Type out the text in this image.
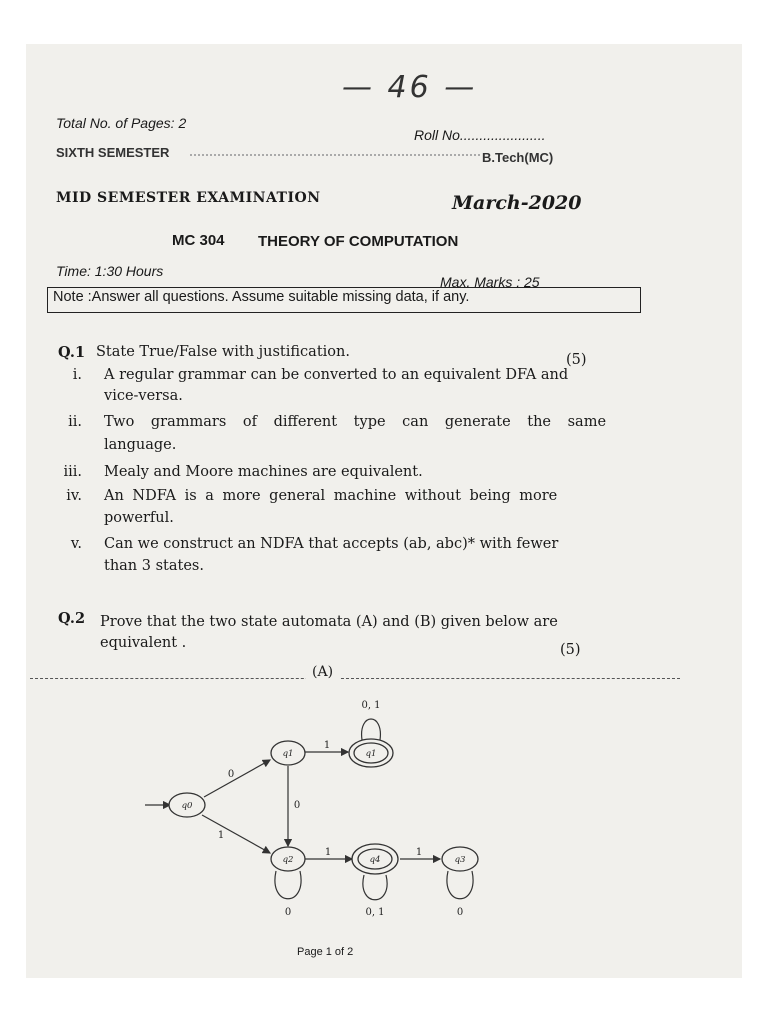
— 46 —
Total No. of Pages: 2
Roll No......................
SIXTH SEMESTER	B.Tech(MC)
MID SEMESTER EXAMINATION	March-2020
MC 304 THEORY OF COMPUTATION
Time: 1:30 Hours
Max. Marks : 25
Note :Answer all questions. Assume suitable missing data, if any.
Q.1 State True/False with justification.	(5)
i. A regular grammar can be converted to an equivalent DFA and
vice-versa.
ii. Two grammars of different type can generate the same
language.
iii. Mealy and Moore machines are equivalent.
iv. An NDFA is a more general machine without being more
powerful.
v. Can we construct an NDFA that accepts (ab, abc)* with fewer
than 3 states.
Q.2 Prove that the two state automata (A) and (B) given below are
equivalent .	(5)
(A)
q0
q1	q1
q2	q4	q3
0
1
0, 1
1
0
1	1
0	0, 1	0
Page 1 of 2
